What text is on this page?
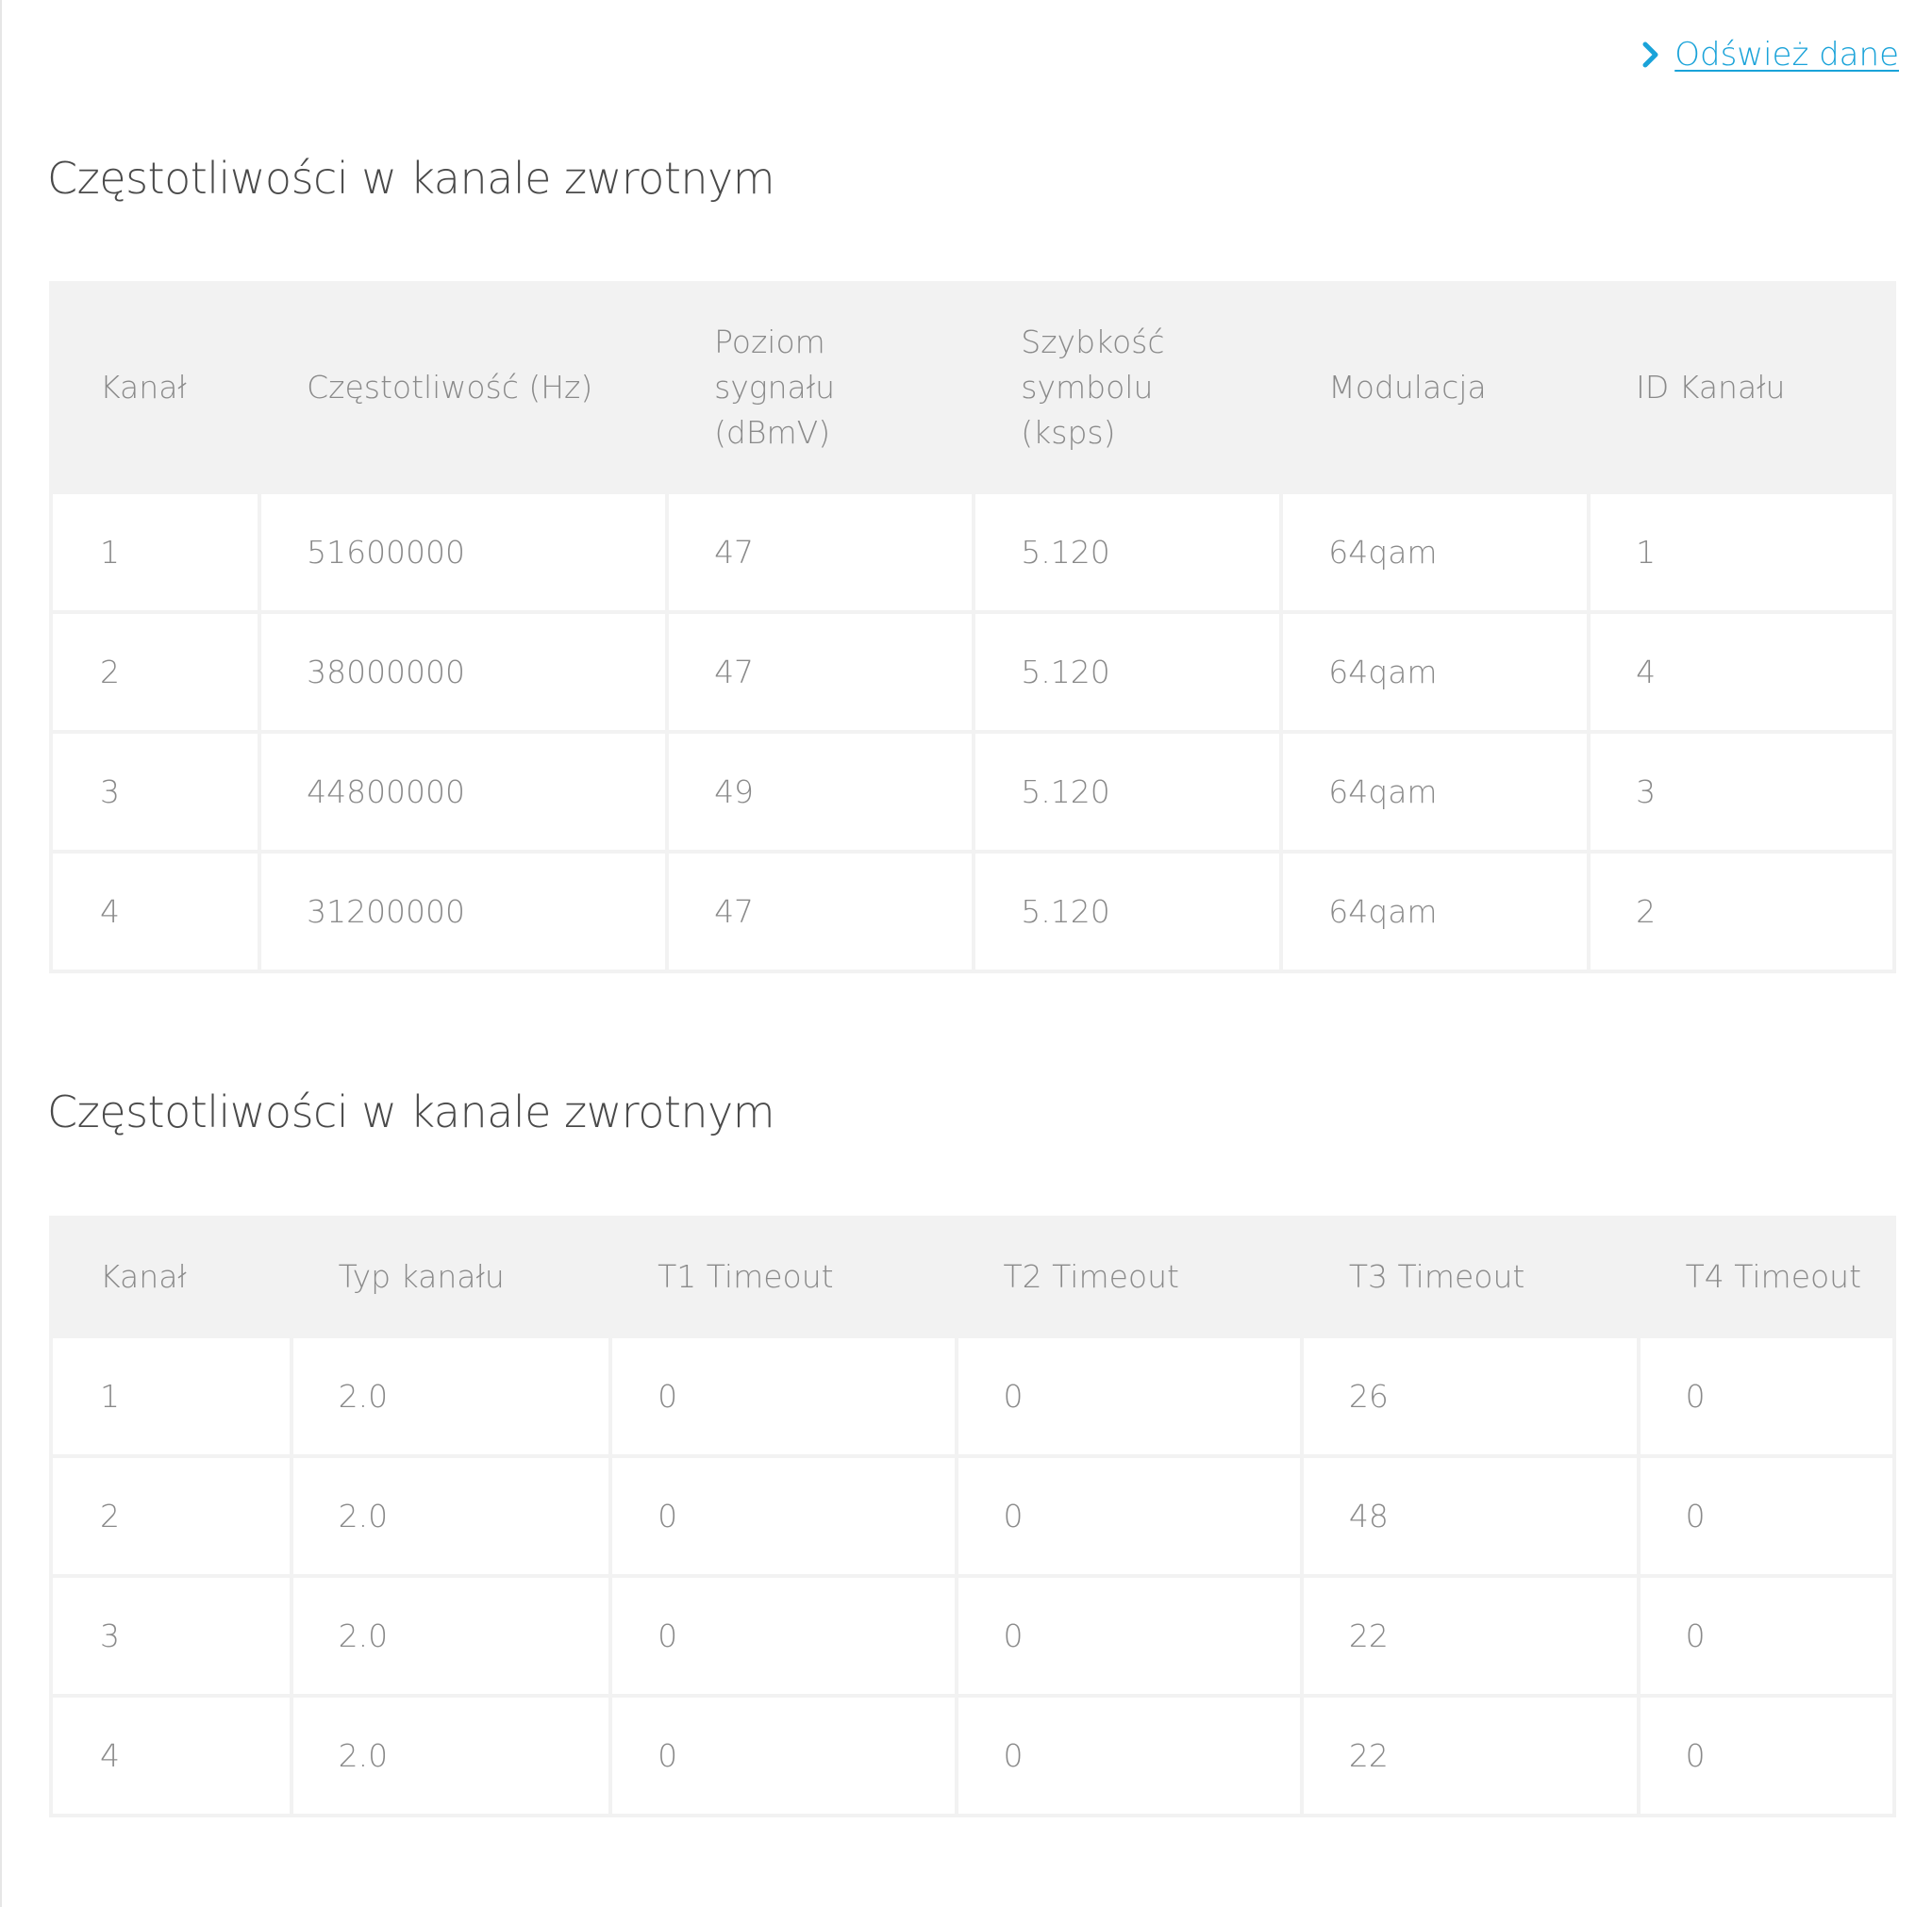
Odśwież dane
Częstotliwości w kanale zwrotnym
Kanał	Częstotliwość (Hz)	Poziom sygnału (dBmV)	Szybkość symbolu (ksps)	Modulacja	ID Kanału
1	51600000	47	5.120	64qam	1
2	38000000	47	5.120	64qam	4
3	44800000	49	5.120	64qam	3
4	31200000	47	5.120	64qam	2
Częstotliwości w kanale zwrotnym
Kanał	Typ kanału	T1 Timeout	T2 Timeout	T3 Timeout	T4 Timeout
1	2.0	0	0	26	0
2	2.0	0	0	48	0
3	2.0	0	0	22	0
4	2.0	0	0	22	0
